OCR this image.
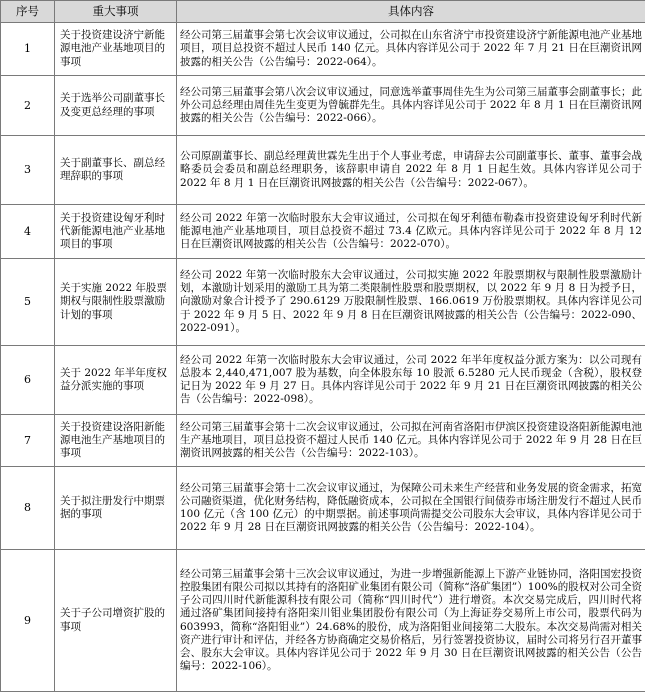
序号	重大事项	具体内容
1	关于投资建设济宁新能源电池产业基地项目的事项	经公司第三届董事会第七次会议审议通过，公司拟在山东省济宁市投资建设济宁新能源电池产业基地项目，项目总投资不超过人民币 140 亿元。具体内容详见公司于 2022 年 7 月 21 日在巨潮资讯网披露的相关公告（公告编号：2022-064）。
2	关于选举公司副董事长及变更总经理的事项	经公司第三届董事会第八次会议审议通过，同意选举董事周佳先生为公司第三届董事会副董事长；此外公司总经理由周佳先生变更为曾毓群先生。具体内容详见公司于 2022 年 8 月 1 日在巨潮资讯网披露的相关公告（公告编号：2022-066）。
3	关于副董事长、副总经理辞职的事项	公司原副董事长、副总经理黄世霖先生出于个人事业考虑，申请辞去公司副董事长、董事、董事会战略委员会委员和副总经理职务，该辞职申请自 2022 年 8 月 1 日起生效。具体内容详见公司于 2022 年 8 月 1 日在巨潮资讯网披露的相关公告（公告编号：2022-067）。
4	关于投资建设匈牙利时代新能源电池产业基地项目的事项	经公司 2022 年第一次临时股东大会审议通过，公司拟在匈牙利德布勒森市投资建设匈牙利时代新能源电池产业基地项目，项目总投资不超过 73.4 亿欧元。具体内容详见公司于 2022 年 8 月 12 日在巨潮资讯网披露的相关公告（公告编号：2022-070）。
5	关于实施 2022 年股票期权与限制性股票激励计划的事项	经公司 2022 年第一次临时股东大会审议通过，公司拟实施 2022 年股票期权与限制性股票激励计划，本激励计划采用的激励工具为第二类限制性股票和股票期权，以 2022 年 9 月 8 日为授予日，向激励对象合计授予了 290.6129 万股限制性股票、166.0619 万份股票期权。具体内容详见公司于 2022 年 9 月 5 日、2022 年 9 月 8 日在巨潮资讯网披露的相关公告（公告编号：2022-090、2022-091）。
6	关于 2022 年半年度权益分派实施的事项	经公司 2022 年第一次临时股东大会审议通过，公司 2022 年半年度权益分派方案为：以公司现有总股本 2,440,471,007 股为基数，向全体股东每 10 股派 6.5280 元人民币现金（含税），股权登记日为 2022 年 9 月 27 日。具体内容详见公司于 2022 年 9 月 21 日在巨潮资讯网披露的相关公告（公告编号：2022-098）。
7	关于投资建设洛阳新能源电池生产基地项目的事项	经公司第三届董事会第十二次会议审议通过，公司拟在河南省洛阳市伊滨区投资建设洛阳新能源电池生产基地项目，项目总投资不超过人民币 140 亿元。具体内容详见公司于 2022 年 9 月 28 日在巨潮资讯网披露的相关公告（公告编号：2022-103）。
8	关于拟注册发行中期票据的事项	经公司第三届董事会第十二次会议审议通过，为保障公司未来生产经营和业务发展的资金需求，拓宽公司融资渠道，优化财务结构，降低融资成本，公司拟在全国银行间债券市场注册发行不超过人民币 100 亿元（含 100 亿元）的中期票据。前述事项尚需提交公司股东大会审议，具体内容详见公司于 2022 年 9 月 28 日在巨潮资讯网披露的相关公告（公告编号：2022-104）。
9	关于子公司增资扩股的事项	经公司第三届董事会第十三次会议审议通过，为进一步增强新能源上下游产业链协同，洛阳国宏投资控股集团有限公司拟以其持有的洛阳矿业集团有限公司（简称“洛矿集团”）100%的股权对公司全资子公司四川时代新能源科技有限公司（简称“四川时代”）进行增资。本次交易完成后，四川时代将通过洛矿集团间接持有洛阳栾川钼业集团股份有限公司（为上海证券交易所上市公司，股票代码为 603993，简称“洛阳钼业”）24.68%的股份，成为洛阳钼业间接第二大股东。本次交易尚需对相关资产进行审计和评估，并经各方协商确定交易价格后，另行签署投资协议，届时公司将另行召开董事会、股东大会审议。具体内容详见公司于 2022 年 9 月 30 日在巨潮资讯网披露的相关公告（公告编号：2022-106）。
